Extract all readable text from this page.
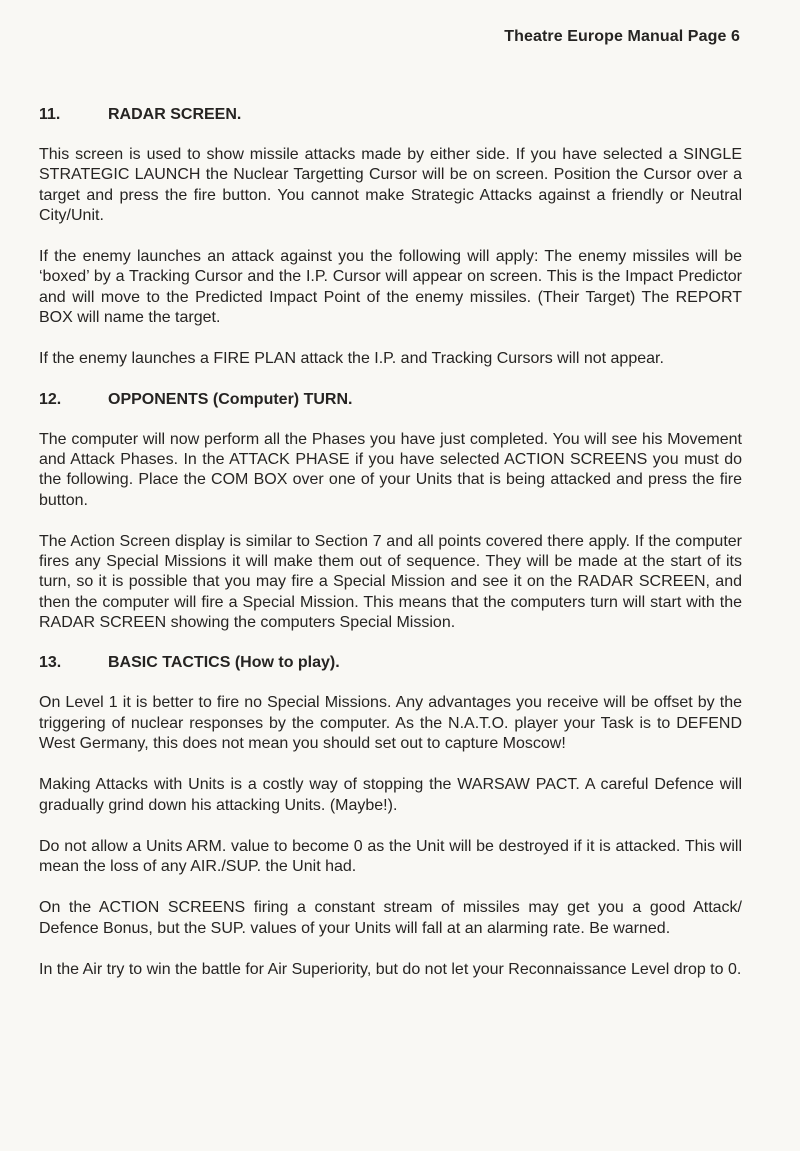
Theatre Europe Manual Page 6
11.	RADAR SCREEN.

This screen is used to show missile attacks made by either side. If you have selected a SINGLE STRATEGIC LAUNCH the Nuclear Targetting Cursor will be on screen. Position the Cursor over a target and press the fire button. You cannot make Strategic Attacks against a friendly or Neutral City/Unit.

If the enemy launches an attack against you the following will apply: The enemy missiles will be ‘boxed’ by a Tracking Cursor and the I.P. Cursor will appear on screen. This is the Impact Predictor and will move to the Predicted Impact Point of the enemy missiles. (Their Target) The REPORT BOX will name the target.

If the enemy launches a FIRE PLAN attack the I.P. and Tracking Cursors will not appear.

12.	OPPONENTS (Computer) TURN.

The computer will now perform all the Phases you have just completed. You will see his Movement and Attack Phases. In the ATTACK PHASE if you have selected ACTION SCREENS you must do the following. Place the COM BOX over one of your Units that is being attacked and press the fire button.

The Action Screen display is similar to Section 7 and all points covered there apply. If the computer fires any Special Missions it will make them out of sequence. They will be made at the start of its turn, so it is possible that you may fire a Special Mission and see it on the RADAR SCREEN, and then the computer will fire a Special Mission. This means that the computers turn will start with the RADAR SCREEN showing the computers Special Mission.

13.	BASIC TACTICS (How to play).

On Level 1 it is better to fire no Special Missions. Any advantages you receive will be offset by the triggering of nuclear responses by the computer. As the N.A.T.O. player your Task is to DEFEND West Germany, this does not mean you should set out to capture Moscow!

Making Attacks with Units is a costly way of stopping the WARSAW PACT. A careful Defence will gradually grind down his attacking Units. (Maybe!).

Do not allow a Units ARM. value to become 0 as the Unit will be destroyed if it is attacked. This will mean the loss of any AIR./SUP. the Unit had.

On the ACTION SCREENS firing a constant stream of missiles may get you a good Attack/ Defence Bonus, but the SUP. values of your Units will fall at an alarming rate. Be warned.

In the Air try to win the battle for Air Superiority, but do not let your Reconnaissance Level drop to 0.
